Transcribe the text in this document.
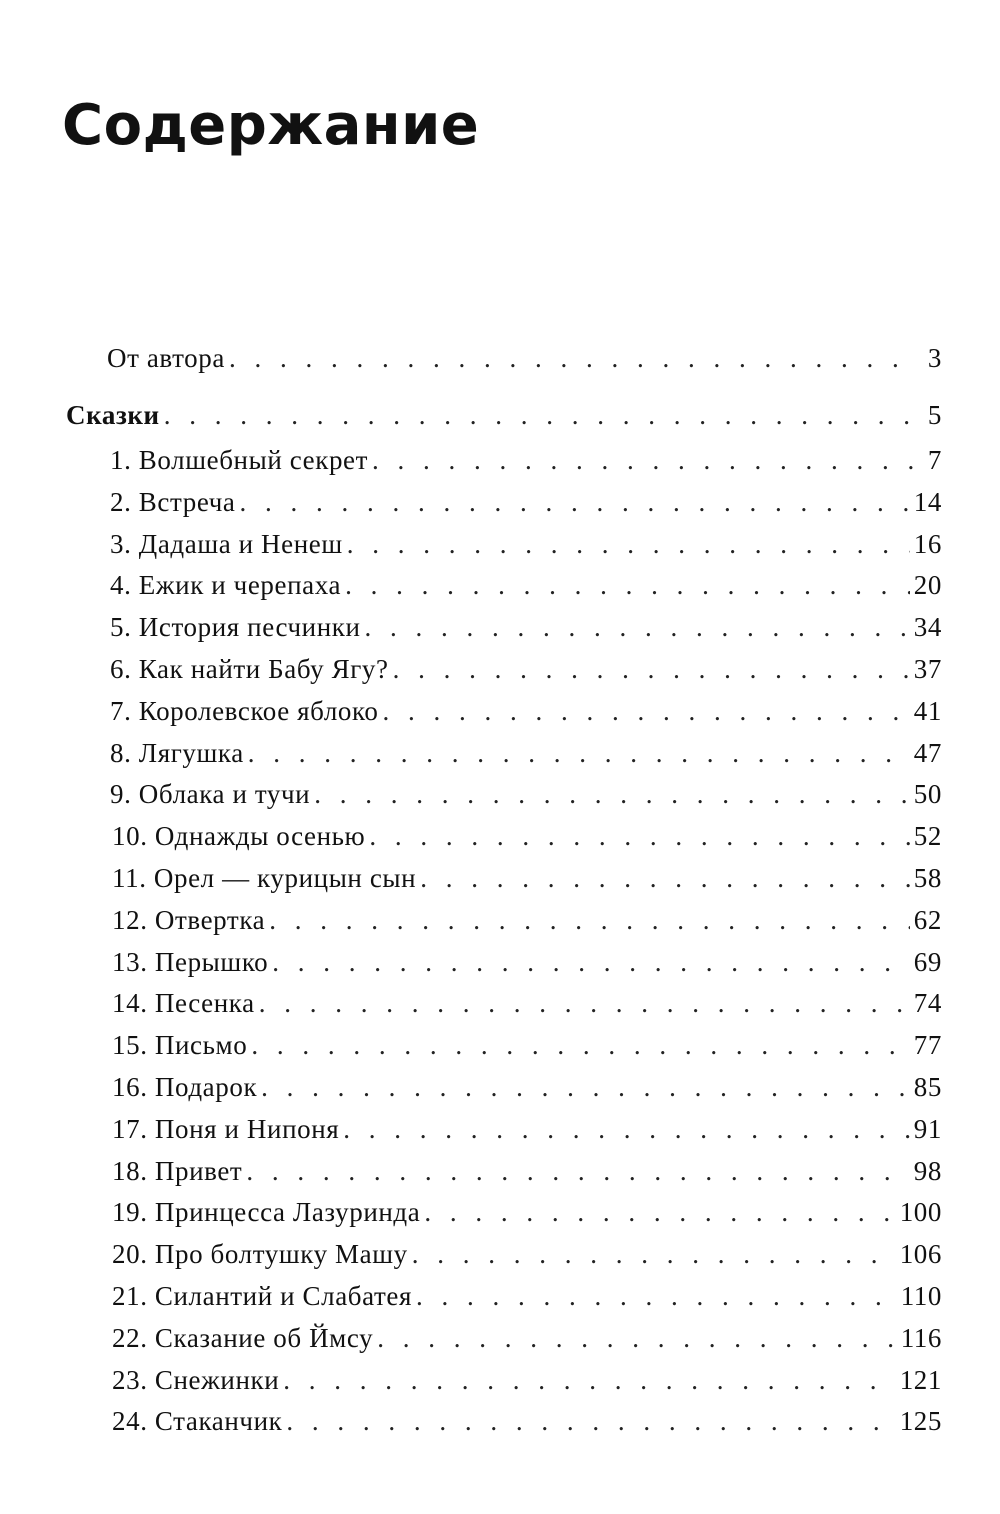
Содержание
От автора . . .	3
Сказки . . .	5
1. Волшебный секрет . . .	7
2. Встреча . . .	14
3. Дадаша и Ненеш . . .	16
4. Ежик и черепаха . . .	20
5. История песчинки . . .	34
6. Как найти Бабу Ягу? . . .	37
7. Королевское яблоко . . .	41
8. Лягушка . . .	47
9. Облака и тучи . . .	50
10. Однажды осенью . . .	52
11. Орел — курицын сын . . .	58
12. Отвертка . . .	62
13. Перышко . . .	69
14. Песенка . . .	74
15. Письмо . . .	77
16. Подарок . . .	85
17. Поня и Нипоня . . .	91
18. Привет . . .	98
19. Принцесса Лазуринда . . .	100
20. Про болтушку Машу . . .	106
21. Силантий и Слабатея . . .	110
22. Сказание об Ймсу . . .	116
23. Снежинки . . .	121
24. Стаканчик . . .	125
